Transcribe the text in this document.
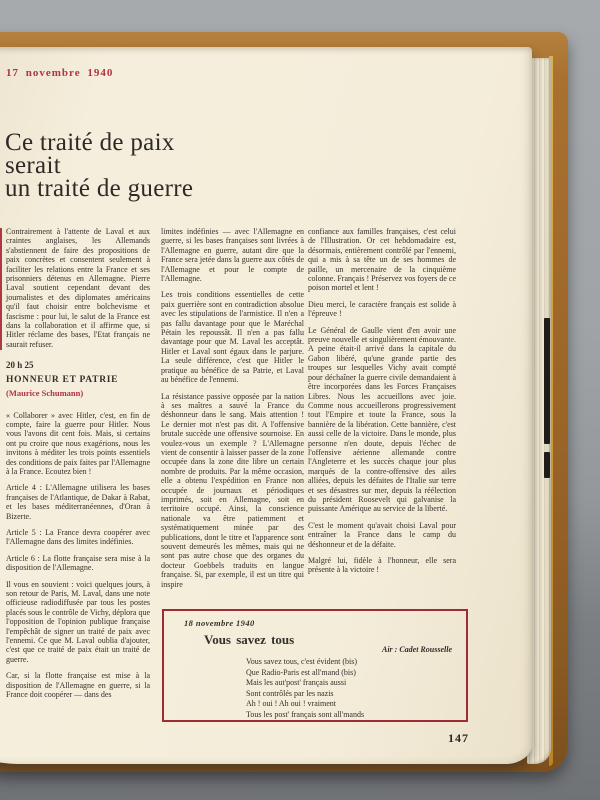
17 novembre 1940
Ce traité de paix
serait
un traité de guerre

Contrairement à l'attente de Laval et aux craintes anglaises, les Allemands s'abstiennent de faire des propositions de paix concrètes et consentent seulement à faciliter les relations entre la France et ses prisonniers détenus en Allemagne. Pierre Laval soutient cependant devant des journalistes et des diplomates américains qu'il faut choisir entre bolchevisme et fascisme : pour lui, le salut de la France est dans la collaboration et il affirme que, si Hitler réclame des bases, l'Etat français ne saurait refuser.

20 h 25
HONNEUR ET PATRIE
(Maurice Schumann)

« Collaborer » avec Hitler, c'est, en fin de compte, faire la guerre pour Hitler. Nous vous l'avons dit cent fois. Mais, si certains ont pu croire que nous exagérions, nous les invitons à méditer les trois points essentiels des conditions de paix faites par l'Allemagne à la France. Ecoutez bien !

Article 4 : L'Allemagne utilisera les bases françaises de l'Atlantique, de Dakar à Rabat, et les bases méditerranéennes, d'Oran à Bizerte.

Article 5 : La France devra coopérer avec l'Allemagne dans des limites indéfinies.

Article 6 : La flotte française sera mise à la disposition de l'Allemagne.

Il vous en souvient : voici quelques jours, à son retour de Paris, M. Laval, dans une note officieuse radiodiffusée par tous les postes placés sous le contrôle de Vichy, déplora que l'opposition de l'opinion publique française l'empêchât de signer un traité de paix avec l'ennemi. Ce que M. Laval oublia d'ajouter, c'est que ce traité de paix était un traité de guerre.

Car, si la flotte française est mise à la disposition de l'Allemagne en guerre, si la France doit coopérer — dans des

limites indéfinies — avec l'Allemagne en guerre, si les bases françaises sont livrées à l'Allemagne en guerre, autant dire que la France sera jetée dans la guerre aux côtés de l'Allemagne et pour le compte de l'Allemagne.

Les trois conditions essentielles de cette paix guerrière sont en contradiction absolue avec les stipulations de l'armistice. Il n'en a pas fallu davantage pour que le Maréchal Pétain les repoussât. Il n'en a pas fallu davantage pour que M. Laval les acceptât. Hitler et Laval sont égaux dans le parjure. La seule différence, c'est que Hitler le pratique au bénéfice de sa Patrie, et Laval au bénéfice de l'ennemi.

La résistance passive opposée par la nation à ses maîtres a sauvé la France du déshonneur dans le sang. Mais attention ! Le dernier mot n'est pas dit. A l'offensive brutale succède une offensive sournoise. En voulez-vous un exemple ? L'Allemagne vient de consentir à laisser passer de la zone occupée dans la zone dite libre un certain nombre de produits. Par la même occasion, elle a obtenu l'expédition en France non occupée de journaux et périodiques imprimés, soit en Allemagne, soit en territoire occupé. Ainsi, la conscience nationale va être patiemment et systématiquement minée par des publications, dont le titre et l'apparence sont souvent demeurés les mêmes, mais qui ne sont pas autre chose que des organes du docteur Goebbels traduits en langue française. Si, par exemple, il est un titre qui inspire

confiance aux familles françaises, c'est celui de l'Illustration. Or cet hebdomadaire est, désormais, entièrement contrôlé par l'ennemi, qui a mis à sa tête un de ses hommes de paille, un mercenaire de la cinquième colonne. Français ! Préservez vos foyers de ce poison mortel et lent !

Dieu merci, le caractère français est solide à l'épreuve !

Le Général de Gaulle vient d'en avoir une preuve nouvelle et singulièrement émouvante. A peine était-il arrivé dans la capitale du Gabon libéré, qu'une grande partie des troupes sur lesquelles Vichy avait compté pour déchaîner la guerre civile demandaient à être incorporées dans les Forces Françaises Libres. Nous les accueillons avec joie. Comme nous accueillerons progressivement tout l'Empire et toute la France, sous la bannière de la libération. Cette bannière, c'est aussi celle de la victoire. Dans le monde, plus personne n'en doute, depuis l'échec de l'offensive aérienne allemande contre l'Angleterre et les succès chaque jour plus marqués de la contre-offensive des ailes alliées, depuis les défaites de l'Italie sur terre et ses désastres sur mer, depuis la réélection du président Roosevelt qui galvanise la puissante Amérique au service de la liberté.

C'est le moment qu'avait choisi Laval pour entraîner la France dans le camp du déshonneur et de la défaite.

Malgré lui, fidèle à l'honneur, elle sera présente à la victoire !

18 novembre 1940
Vous savez tous
Air : Cadet Rousselle
Vous savez tous, c'est évident (bis)
Que Radio-Paris est all'mand (bis)
Mais les aut'post' français aussi
Sont contrôlés par les nazis
Ah ! oui ! Ah oui ! vraiment
Tous les post' français sont all'mands
147
